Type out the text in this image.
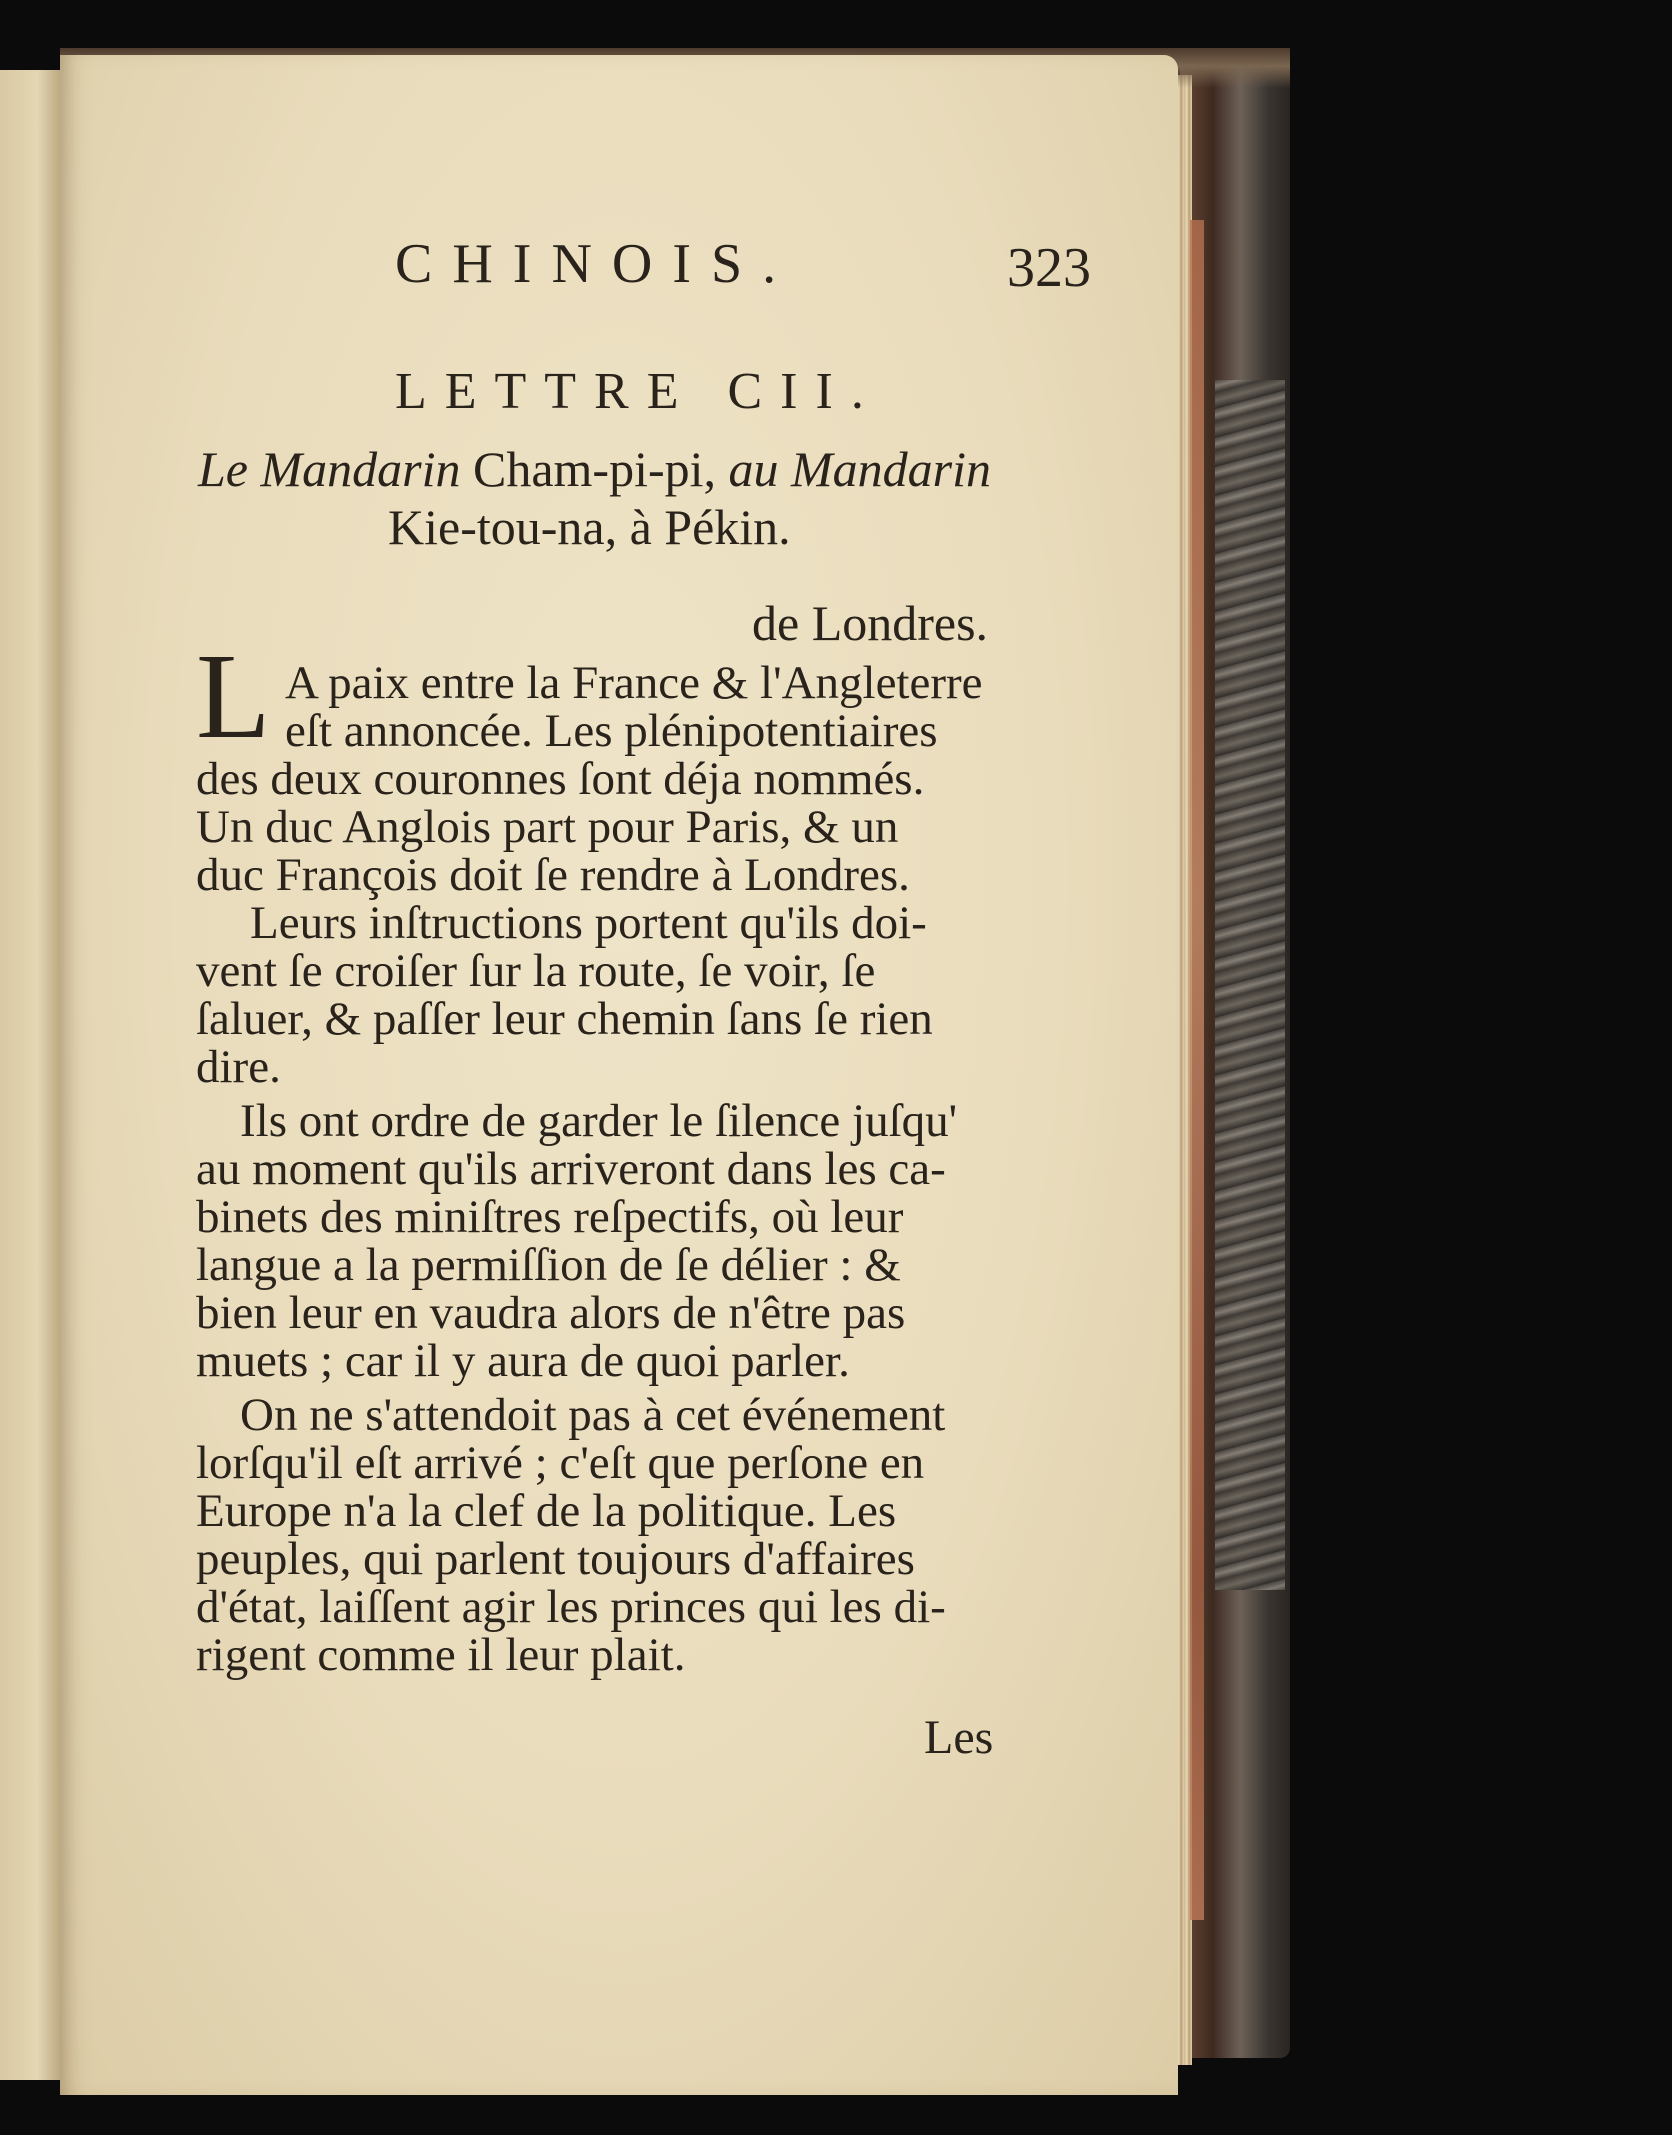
CHINOIS.	323
LETTRE CII.
Le Mandarin Cham-pi-pi, au Mandarin
Kie-tou-na, à Pékin.
de Londres.
L A paix entre la France & l'Angleterre
eſt annoncée. Les plénipotentiaires
des deux couronnes ſont déja nommés.
Un duc Anglois part pour Paris, & un
duc François doit ſe rendre à Londres.
Leurs inſtructions portent qu'ils doi-
vent ſe croiſer ſur la route, ſe voir, ſe
ſaluer, & paſſer leur chemin ſans ſe rien
dire.
Ils ont ordre de garder le ſilence juſqu'
au moment qu'ils arriveront dans les ca-
binets des miniſtres reſpectifs, où leur
langue a la permiſſion de ſe délier : &
bien leur en vaudra alors de n'être pas
muets ; car il y aura de quoi parler.
On ne s'attendoit pas à cet événement
lorſqu'il eſt arrivé ; c'eſt que perſone en
Europe n'a la clef de la politique. Les
peuples, qui parlent toujours d'affaires
d'état, laiſſent agir les princes qui les di-
rigent comme il leur plait.
Les
